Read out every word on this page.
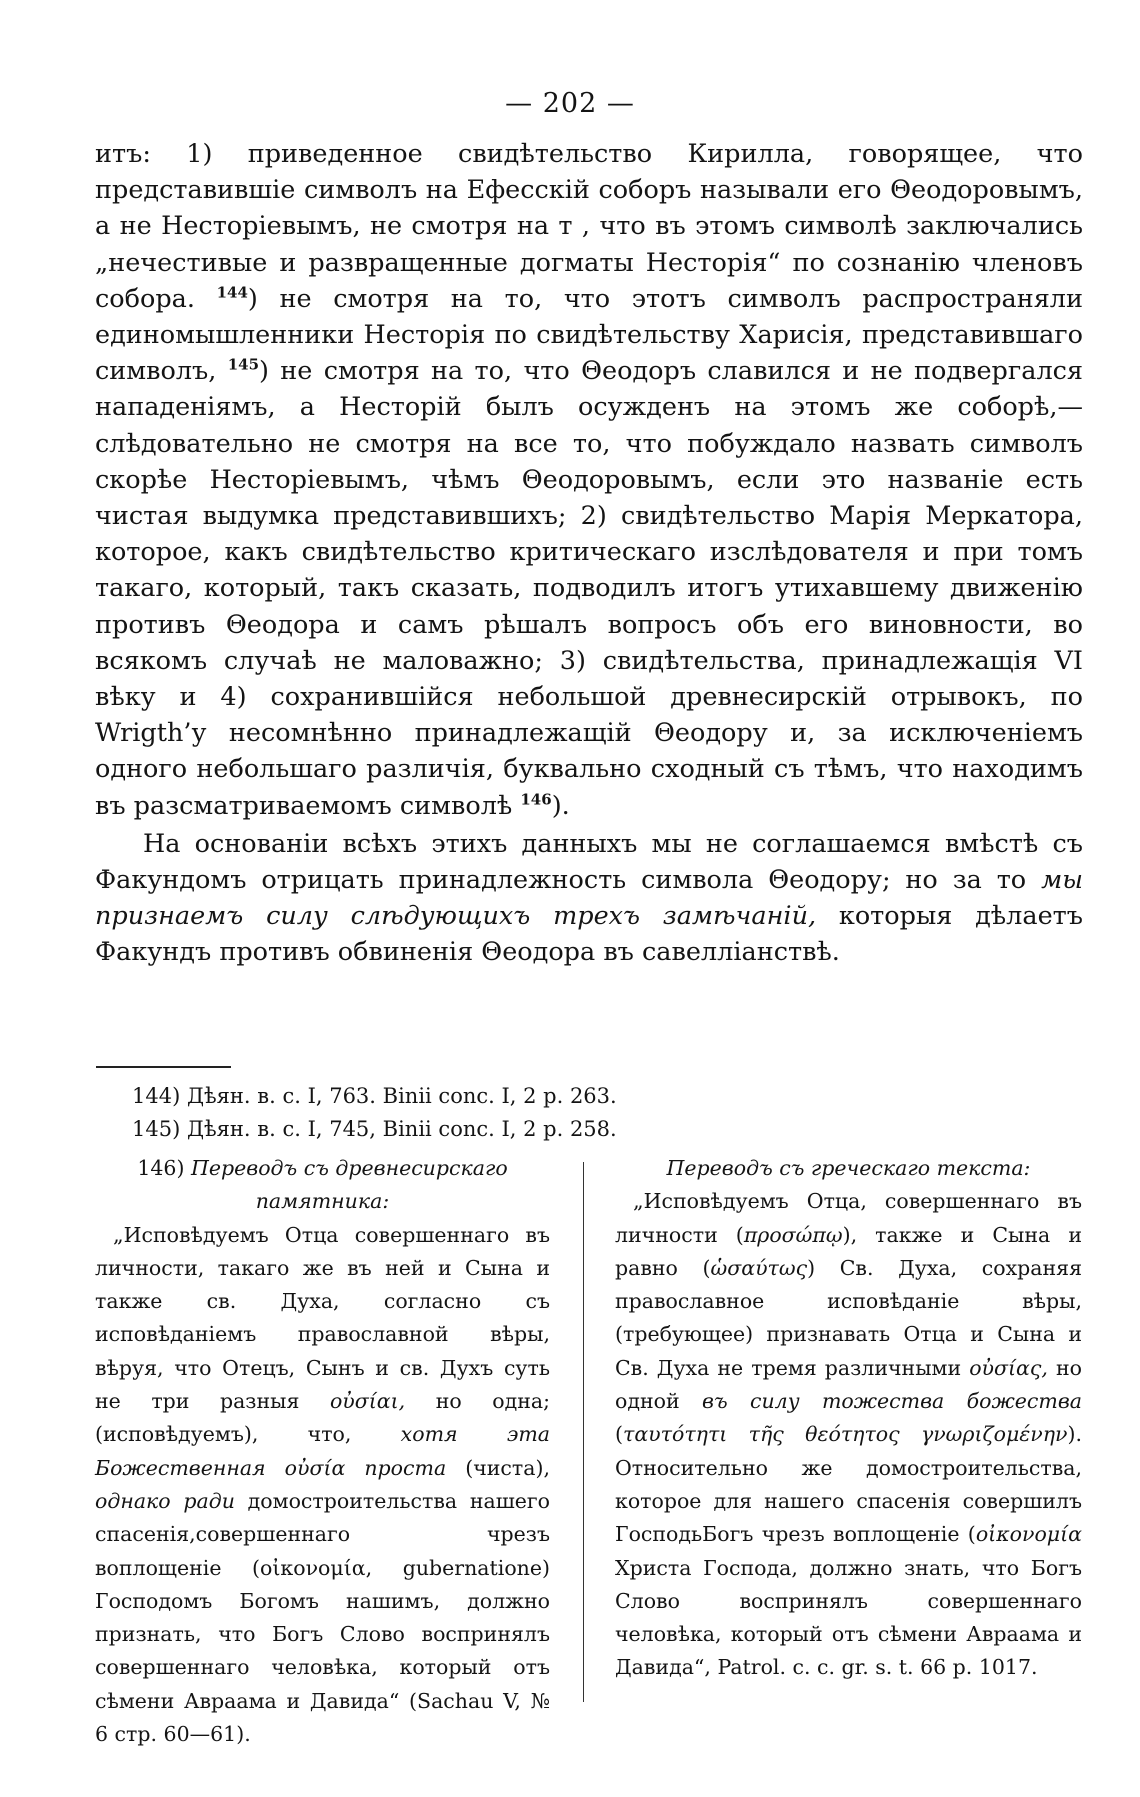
— 202 —

итъ: 1) приведенное свидѣтельство Кирилла, говорящее, что представившіе символъ на Ефесскій соборъ называли его Θеодоровымъ, а не Несторіевымъ, не смотря на т , что въ этомъ символѣ заключались „нечестивые и развращенные догматы Несторія“ по сознанію членовъ собора. $^{144}$) не смотря на то, что этотъ символъ распространяли единомышленники Несторія по свидѣтельству Харисія, представившаго символъ, $^{145}$) не смотря на то, что Θеодоръ славился и не подвергался нападеніямъ, а Несторій былъ осужденъ на этомъ же соборѣ,—слѣдовательно не смотря на все то, что побуждало назвать символъ скорѣе Несторіевымъ, чѣмъ Θеодоровымъ, если это названіе есть чистая выдумка представившихъ; 2) свидѣтельство Марія Меркатора, которое, какъ свидѣтельство критическаго изслѣдователя и при томъ такаго, который, такъ сказать, подводилъ итогъ утихавшему движенію противъ Θеодора и самъ рѣшалъ вопросъ объ его виновности, во всякомъ случаѣ не маловажно; 3) свидѣтельства, принадлежащія VI вѣку и 4) сохранившійся небольшой древнесирскій отрывокъ, по Wrigth’у несомнѣнно принадлежащій Θеодору и, за исключеніемъ одного небольшаго различія, буквально сходный съ тѣмъ, что находимъ въ разсматриваемомъ символѣ $^{146}$).

На основаніи всѣхъ этихъ данныхъ мы не соглашаемся вмѣстѣ съ Факундомъ отрицать принадлежность символа Θеодору; но за то мы признаемъ силу слѣдующихъ трехъ замѣчаній, которыя дѣлаетъ Факундъ противъ обвиненія Θеодора въ савелліанствѣ.

144) Дѣян. в. с. I, 763. Binii conc. I, 2 p. 263.
145) Дѣян. в. с. I, 745, Binii conc. I, 2 p. 258.
146) Переводъ съ древнесирскаго памятника:

„Исповѣдуемъ Отца совершеннаго въ личности, такаго же въ ней и Сына и также св. Духа, согласно съ исповѣданіемъ православной вѣры, вѣруя, что Отецъ, Сынъ и св. Духъ суть не три разныя οὐσίαι, но одна; (исповѣдуемъ), что, хотя эта Божественная οὐσία проста (чиста), однако ради домостроительства нашего спасенія,совершеннаго чрезъ воплощеніе (οἰκονομία, gubernatione) Господомъ Богомъ нашимъ, должно признать, что Богъ Слово воспринялъ совершеннаго человѣка, который отъ сѣмени Авраама и Давида“ (Sachau V, № 6 стр. 60—61).

Переводъ съ греческаго текста:

„Исповѣдуемъ Отца, совершеннаго въ личности (προσώπῳ), также и Сына и равно (ὡσαύτως) Св. Духа, сохраняя православное исповѣданіе вѣры, (требующее) признавать Отца и Сына и Св. Духа не тремя различными οὐσίας, но одной въ силу тожества божества (ταυτότητι τῆς θεότητος γνωριζομένην). Относительно же домостроительства, которое для нашего спасенія совершилъ ГосподьБогъ чрезъ воплощеніе (οἰκονομία Христа Господа, должно знать, что Богъ Слово воспринялъ совершеннаго человѣка, который отъ сѣмени Авраама и Давида“, Patrol. c. c. gr. s. t. 66 p. 1017.
